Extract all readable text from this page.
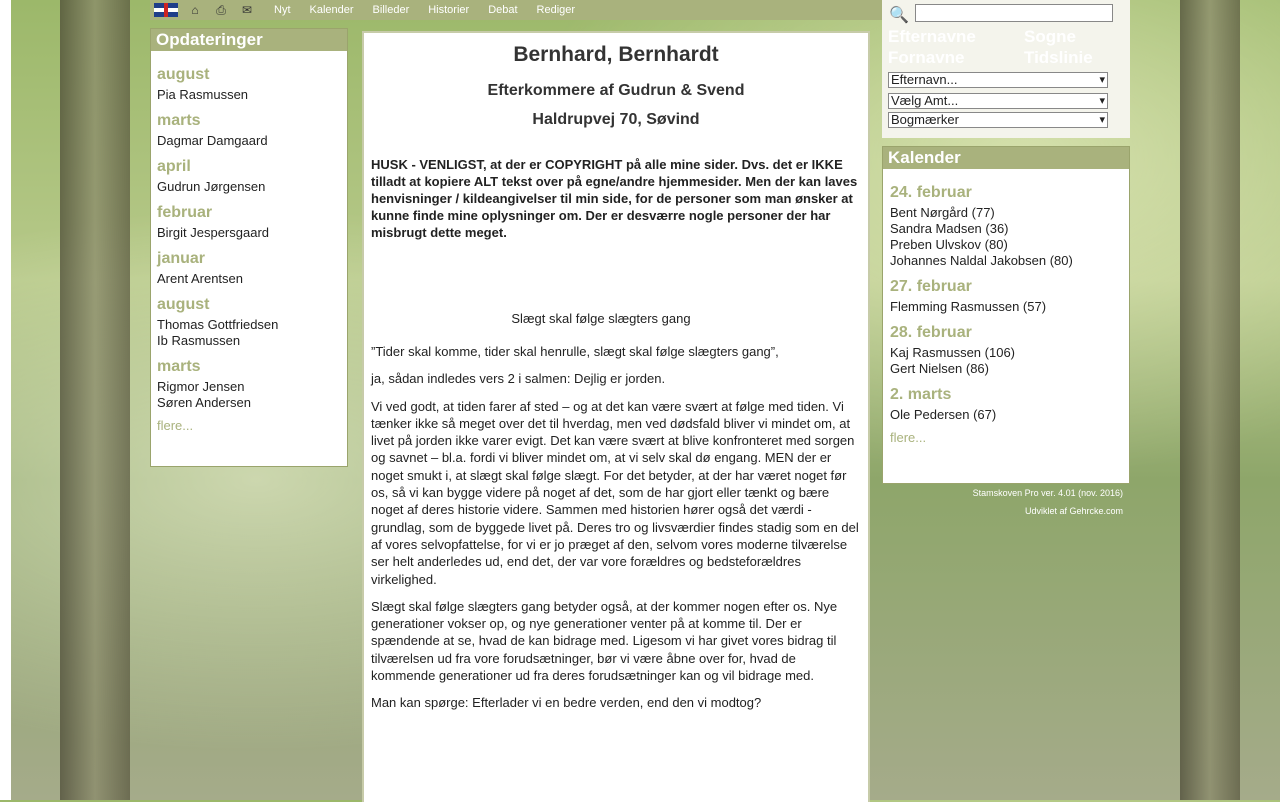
⌂	⎙	✉	Nyt Kalender Billeder Historier Debat Rediger
Opdateringer
august
Pia Rasmussen
marts
Dagmar Damgaard
april
Gudrun Jørgensen
februar
Birgit Jespersgaard
januar
Arent Arentsen
august
Thomas Gottfriedsen
Ib Rasmussen
marts
Rigmor Jensen
Søren Andersen
flere...
Bernhard, Bernhardt
Efterkommere af Gudrun & Svend
Haldrupvej 70, Søvind
HUSK - VENLIGST, at der er COPYRIGHT på alle mine sider. Dvs. det er IKKE tilladt at kopiere ALT tekst over på egne/andre hjemmesider. Men der kan laves henvisninger / kildeangivelser til min side, for de personer som man ønsker at kunne finde mine oplysninger om. Der er desværre nogle personer der har misbrugt dette meget.
Slægt skal følge slægters gang

”Tider skal komme, tider skal henrulle, slægt skal følge slægters gang”,

ja, sådan indledes vers 2 i salmen: Dejlig er jorden.

Vi ved godt, at tiden farer af sted – og at det kan være svært at følge med tiden. Vi tænker ikke så meget over det til hverdag, men ved dødsfald bliver vi mindet om, at livet på jorden ikke varer evigt. Det kan være svært at blive konfronteret med sorgen og savnet – bl.a. fordi vi bliver mindet om, at vi selv skal dø engang. MEN der er noget smukt i, at slægt skal følge slægt. For det betyder, at der har været noget før os, så vi kan bygge videre på noget af det, som de har gjort eller tænkt og bære noget af deres historie videre. Sammen med historien hører også det værdi -grundlag, som de byggede livet på. Deres tro og livsværdier findes stadig som en del af vores selvopfattelse, for vi er jo præget af den, selvom vores moderne tilværelse ser helt anderledes ud, end det, der var vore forældres og bedsteforældres virkelighed.

Slægt skal følge slægters gang betyder også, at der kommer nogen efter os. Nye generationer vokser op, og nye generationer venter på at komme til. Der er spændende at se, hvad de kan bidrage med. Ligesom vi har givet vores bidrag til tilværelsen ud fra vore forudsætninger, bør vi være åbne over for, hvad de kommende generationer ud fra deres forudsætninger kan og vil bidrage med.

Man kan spørge: Efterlader vi en bedre verden, end den vi modtog?

🔍
Efternavne	Sogne
Fornavne	Tidslinie
Efternavn... ▾
Vælg Amt... ▾
Bogmærker ▾
Kalender
24. februar
Bent Nørgård (77)
Sandra Madsen (36)
Preben Ulvskov (80)
Johannes Naldal Jakobsen (80)
27. februar
Flemming Rasmussen (57)
28. februar
Kaj Rasmussen (106)
Gert Nielsen (86)
2. marts
Ole Pedersen (67)
flere...
Stamskoven Pro ver. 4.01 (nov. 2016)
Udviklet af Gehrcke.com
